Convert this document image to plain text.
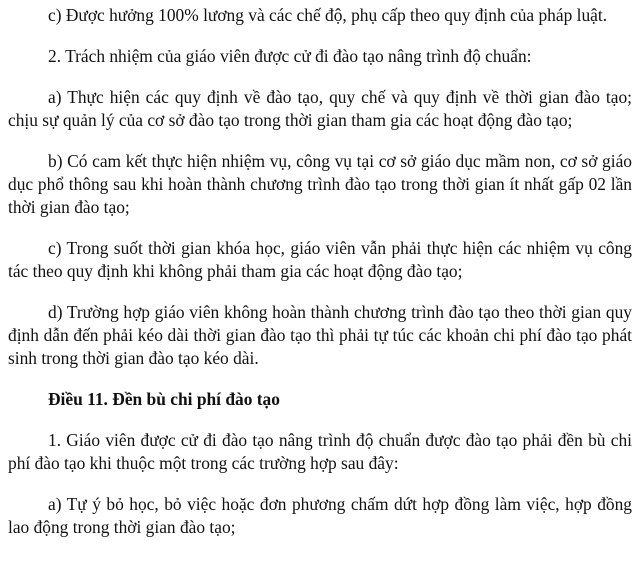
c) Được hưởng 100% lương và các chế độ, phụ cấp theo quy định của pháp luật.

2. Trách nhiệm của giáo viên được cử đi đào tạo nâng trình độ chuẩn:

a) Thực hiện các quy định về đào tạo, quy chế và quy định về thời gian đào tạo; chịu sự quản lý của cơ sở đào tạo trong thời gian tham gia các hoạt động đào tạo;

b) Có cam kết thực hiện nhiệm vụ, công vụ tại cơ sở giáo dục mầm non, cơ sở giáo dục phổ thông sau khi hoàn thành chương trình đào tạo trong thời gian ít nhất gấp 02 lần thời gian đào tạo;

c) Trong suốt thời gian khóa học, giáo viên vẫn phải thực hiện các nhiệm vụ công tác theo quy định khi không phải tham gia các hoạt động đào tạo;

d) Trường hợp giáo viên không hoàn thành chương trình đào tạo theo thời gian quy định dẫn đến phải kéo dài thời gian đào tạo thì phải tự túc các khoản chi phí đào tạo phát sinh trong thời gian đào tạo kéo dài.

Điều 11. Đền bù chi phí đào tạo

1. Giáo viên được cử đi đào tạo nâng trình độ chuẩn được đào tạo phải đền bù chi phí đào tạo khi thuộc một trong các trường hợp sau đây:

a) Tự ý bỏ học, bỏ việc hoặc đơn phương chấm dứt hợp đồng làm việc, hợp đồng lao động trong thời gian đào tạo;
